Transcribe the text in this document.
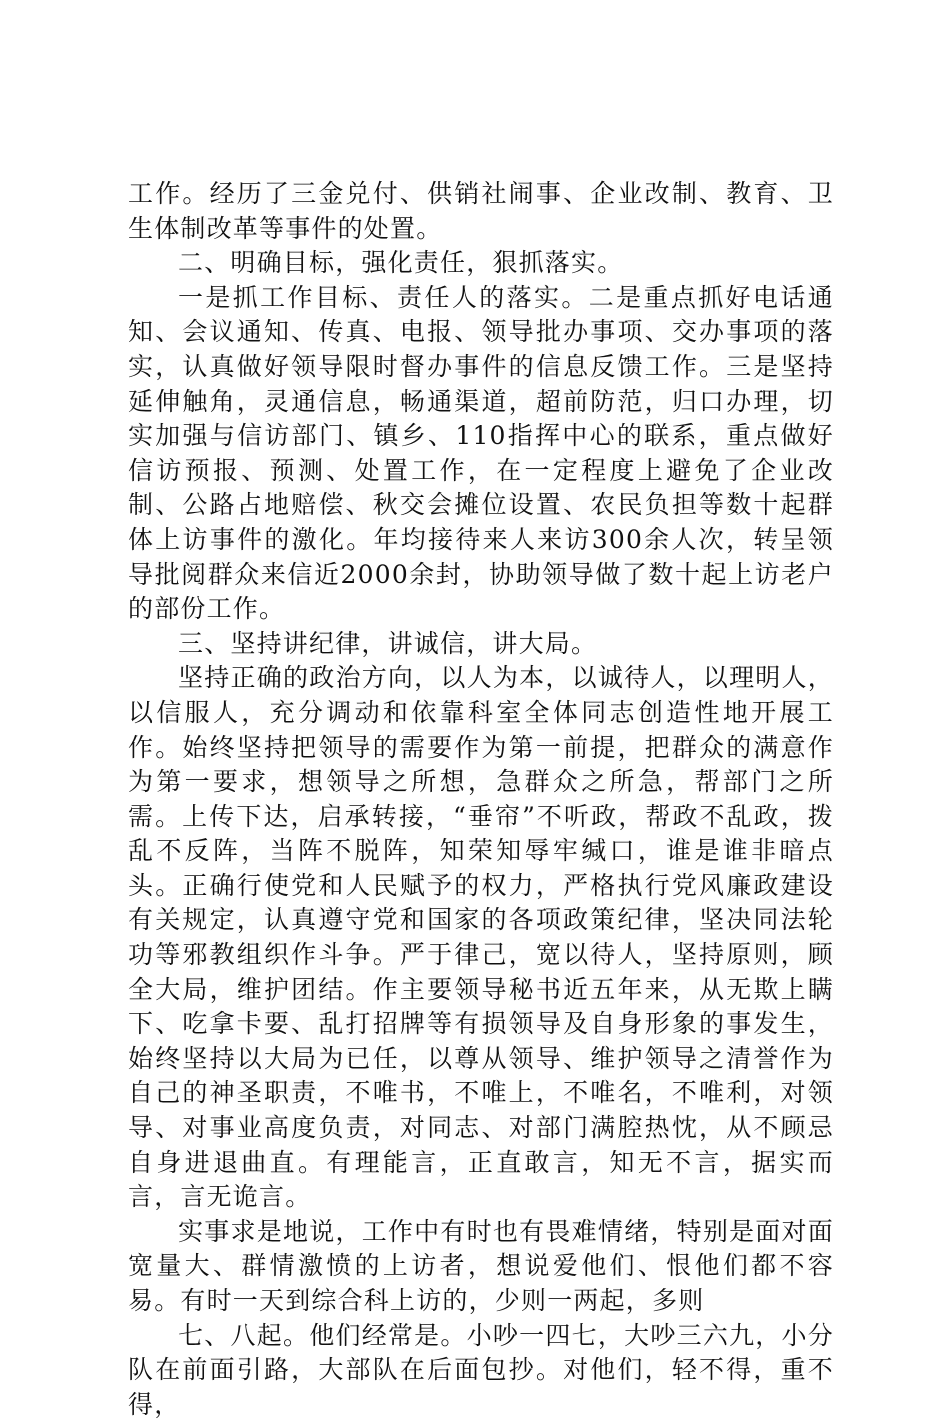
工作。经历了三金兑付、供销社闹事、企业改制、教育、卫生体制改革等事件的处置。

二、明确目标，强化责任，狠抓落实。

一是抓工作目标、责任人的落实。二是重点抓好电话通知、会议通知、传真、电报、领导批办事项、交办事项的落实，认真做好领导限时督办事件的信息反馈工作。三是坚持延伸触角，灵通信息，畅通渠道，超前防范，归口办理，切实加强与信访部门、镇乡、110指挥中心的联系，重点做好信访预报、预测、处置工作，在一定程度上避免了企业改制、公路占地赔偿、秋交会摊位设置、农民负担等数十起群体上访事件的激化。年均接待来人来访300余人次，转呈领导批阅群众来信近2000余封，协助领导做了数十起上访老户的部份工作。

三、坚持讲纪律，讲诚信，讲大局。

坚持正确的政治方向，以人为本，以诚待人，以理明人，以信服人，充分调动和依靠科室全体同志创造性地开展工作。始终坚持把领导的需要作为第一前提，把群众的满意作为第一要求，想领导之所想，急群众之所急，帮部门之所需。上传下达，启承转接，“垂帘”不听政，帮政不乱政，拨乱不反阵，当阵不脱阵，知荣知辱牢缄口，谁是谁非暗点头。正确行使党和人民赋予的权力，严格执行党风廉政建设有关规定，认真遵守党和国家的各项政策纪律，坚决同法轮功等邪教组织作斗争。严于律己，宽以待人，坚持原则，顾全大局，维护团结。作主要领导秘书近五年来，从无欺上瞒下、吃拿卡要、乱打招牌等有损领导及自身形象的事发生，始终坚持以大局为已任，以尊从领导、维护领导之清誉作为自己的神圣职责，不唯书，不唯上，不唯名，不唯利，对领导、对事业高度负责，对同志、对部门满腔热忱，从不顾忌自身进退曲直。有理能言，正直敢言，知无不言，据实而言，言无诡言。

实事求是地说，工作中有时也有畏难情绪，特别是面对面宽量大、群情激愤的上访者，想说爱他们、恨他们都不容易。有时一天到综合科上访的，少则一两起，多则

七、八起。他们经常是。小吵一四七，大吵三六九，小分队在前面引路，大部队在后面包抄。对他们，轻不得，重不得，
